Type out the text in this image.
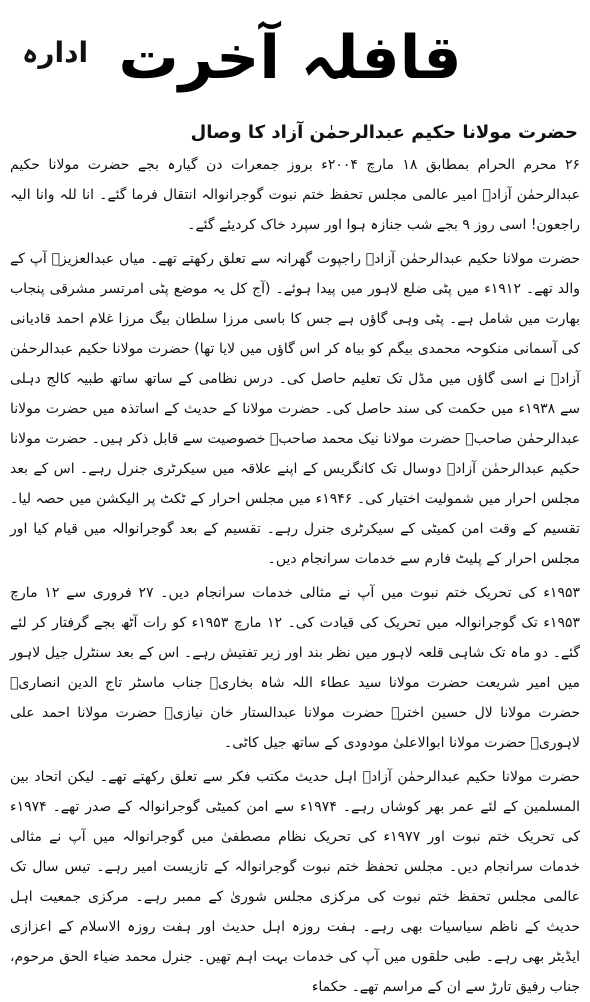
ادارہ قافلہ آخرت
حضرت مولانا حکیم عبدالرحمٰن آزاد کا وصال

۲۶ محرم الحرام بمطابق ۱۸ مارچ ۲۰۰۴ء بروز جمعرات دن گیارہ بجے حضرت مولانا حکیم عبدالرحمٰن آزادؒ امیر عالمی مجلس تحفظ ختم نبوت گوجرانوالہ انتقال فرما گئے۔ انا للہ وانا الیہ راجعون! اسی روز ۹ بجے شب جنازہ ہوا اور سپرد خاک کردیئے گئے۔

حضرت مولانا حکیم عبدالرحمٰن آزادؒ راجپوت گھرانہ سے تعلق رکھتے تھے۔ میاں عبدالعزیزؒ آپ کے والد تھے۔ ۱۹۱۲ء میں پٹی ضلع لاہور میں پیدا ہوئے۔ (آج کل یہ موضع پٹی امرتسر مشرقی پنجاب بھارت میں شامل ہے۔ پٹی وہی گاؤں ہے جس کا باسی مرزا سلطان بیگ مرزا غلام احمد قادیانی کی آسمانی منکوحہ محمدی بیگم کو بیاہ کر اس گاؤں میں لایا تھا) حضرت مولانا حکیم عبدالرحمٰن آزادؒ نے اسی گاؤں میں مڈل تک تعلیم حاصل کی۔ درس نظامی کے ساتھ ساتھ طبیہ کالج دہلی سے ۱۹۳۸ء میں حکمت کی سند حاصل کی۔ حضرت مولانا کے حدیث کے اساتذہ میں حضرت مولانا عبدالرحمٰن صاحبؒ حضرت مولانا نیک محمد صاحبؒ خصوصیت سے قابل ذکر ہیں۔ حضرت مولانا حکیم عبدالرحمٰن آزادؒ دوسال تک کانگریس کے اپنے علاقہ میں سیکرٹری جنرل رہے۔ اس کے بعد مجلس احرار میں شمولیت اختیار کی۔ ۱۹۴۶ء میں مجلس احرار کے ٹکٹ پر الیکشن میں حصہ لیا۔ تقسیم کے وقت امن کمیٹی کے سیکرٹری جنرل رہے۔ تقسیم کے بعد گوجرانوالہ میں قیام کیا اور مجلس احرار کے پلیٹ فارم سے خدمات سرانجام دیں۔

۱۹۵۳ء کی تحریک ختم نبوت میں آپ نے مثالی خدمات سرانجام دیں۔ ۲۷ فروری سے ۱۲ مارچ ۱۹۵۳ء تک گوجرانوالہ میں تحریک کی قیادت کی۔ ۱۲ مارچ ۱۹۵۳ء کو رات آٹھ بجے گرفتار کر لئے گئے۔ دو ماہ تک شاہی قلعہ لاہور میں نظر بند اور زیر تفتیش رہے۔ اس کے بعد سنٹرل جیل لاہور میں امیر شریعت حضرت مولانا سید عطاء اللہ شاہ بخاریؒ جناب ماسٹر تاج الدین انصاریؒ حضرت مولانا لال حسین اخترؒ حضرت مولانا عبدالستار خان نیازیؒ حضرت مولانا احمد علی لاہوریؒ حضرت مولانا ابوالاعلیٰ مودودی کے ساتھ جیل کاٹی۔

حضرت مولانا حکیم عبدالرحمٰن آزادؒ اہل حدیث مکتب فکر سے تعلق رکھتے تھے۔ لیکن اتحاد بین المسلمین کے لئے عمر بھر کوشاں رہے۔ ۱۹۷۴ء سے امن کمیٹی گوجرانوالہ کے صدر تھے۔ ۱۹۷۴ء کی تحریک ختم نبوت اور ۱۹۷۷ء کی تحریک نظام مصطفیٰ میں گوجرانوالہ میں آپ نے مثالی خدمات سرانجام دیں۔ مجلس تحفظ ختم نبوت گوجرانوالہ کے تازیست امیر رہے۔ تیس سال تک عالمی مجلس تحفظ ختم نبوت کی مرکزی مجلس شوریٰ کے ممبر رہے۔ مرکزی جمعیت اہل حدیث کے ناظم سیاسیات بھی رہے۔ ہفت روزہ اہل حدیث اور ہفت روزہ الاسلام کے اعزازی ایڈیٹر بھی رہے۔ طبی حلقوں میں آپ کی خدمات بہت اہم تھیں۔ جنرل محمد ضیاء الحق مرحوم، جناب رفیق تارڑ سے ان کے مراسم تھے۔ حکماء
